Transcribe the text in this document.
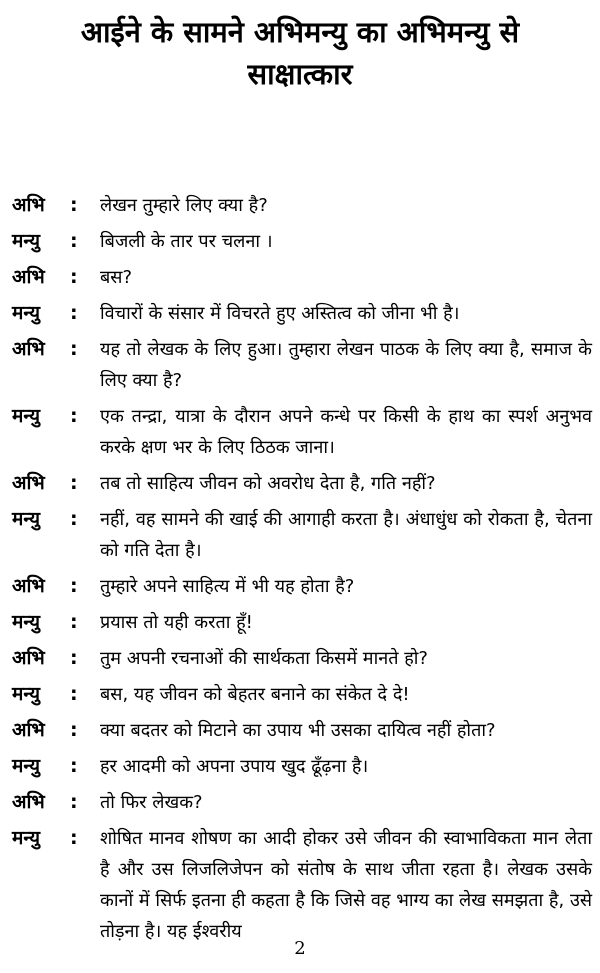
आईने के सामने अभिमन्यु का अभिमन्यु से
साक्षात्कार
अभि	:	लेखन तुम्हारे लिए क्या है?
मन्यु	:	बिजली के तार पर चलना ।
अभि	:	बस?
मन्यु	:	विचारों के संसार में विचरते हुए अस्तित्व को जीना भी है।
अभि	:	यह तो लेखक के लिए हुआ। तुम्हारा लेखन पाठक के लिए क्या है, समाज के लिए क्या है?
मन्यु	:	एक तन्द्रा, यात्रा के दौरान अपने कन्धे पर किसी के हाथ का स्पर्श अनुभव करके क्षण भर के लिए ठिठक जाना।
अभि	:	तब तो साहित्य जीवन को अवरोध देता है, गति नहीं?
मन्यु	:	नहीं, वह सामने की खाई की आगाही करता है। अंधाधुंध को रोकता है, चेतना को गति देता है।
अभि	:	तुम्हारे अपने साहित्य में भी यह होता है?
मन्यु	:	प्रयास तो यही करता हूँ!
अभि	:	तुम अपनी रचनाओं की सार्थकता किसमें मानते हो?
मन्यु	:	बस, यह जीवन को बेहतर बनाने का संकेत दे दे!
अभि	:	क्या बदतर को मिटाने का उपाय भी उसका दायित्व नहीं होता?
मन्यु	:	हर आदमी को अपना उपाय खुद ढूँढ़ना है।
अभि	:	तो फिर लेखक?
मन्यु	:	शोषित मानव शोषण का आदी होकर उसे जीवन की स्वाभाविकता मान लेता है और उस लिजलिजेपन को संतोष के साथ जीता रहता है। लेखक उसके कानों में सिर्फ इतना ही कहता है कि जिसे वह भाग्य का लेख समझता है, उसे तोड़ना है। यह ईश्वरीय
2
